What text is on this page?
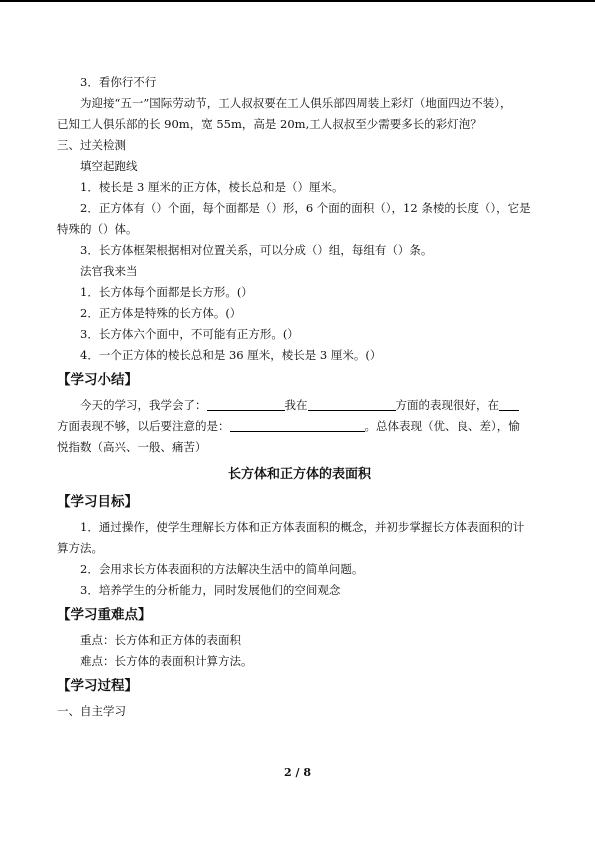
3．看你行不行

为迎接“五一”国际劳动节，工人叔叔要在工人俱乐部四周装上彩灯（地面四边不装），

已知工人俱乐部的长 90m，宽 55m，高是 20m,工人叔叔至少需要多长的彩灯泡？

三、过关检测

填空起跑线

1．棱长是 3 厘米的正方体，棱长总和是（）厘米。

2．正方体有（）个面，每个面都是（）形，6 个面的面积（），12 条棱的长度（），它是

特殊的（）体。

3．长方体框架根据相对位置关系，可以分成（）组，每组有（）条。

法官我来当

1．长方体每个面都是长方形。(）

2．正方体是特殊的长方体。(）

3．长方体六个面中，不可能有正方形。(）

4．一个正方体的棱长总和是 36 厘米，棱长是 3 厘米。(）

【学习小结】

今天的学习，我学会了：	我在	方面的表现很好，在

方面表现不够，以后要注意的是：	。总体表现（优、良、差），愉

悦指数（高兴、一般、痛苦）

长方体和正方体的表面积

【学习目标】

1．通过操作，使学生理解长方体和正方体表面积的概念，并初步掌握长方体表面积的计

算方法。

2．会用求长方体表面积的方法解决生活中的简单问题。

3．培养学生的分析能力，同时发展他们的空间观念

【学习重难点】

重点：长方体和正方体的表面积

难点：长方体的表面积计算方法。

【学习过程】

一、自主学习

2 / 8
